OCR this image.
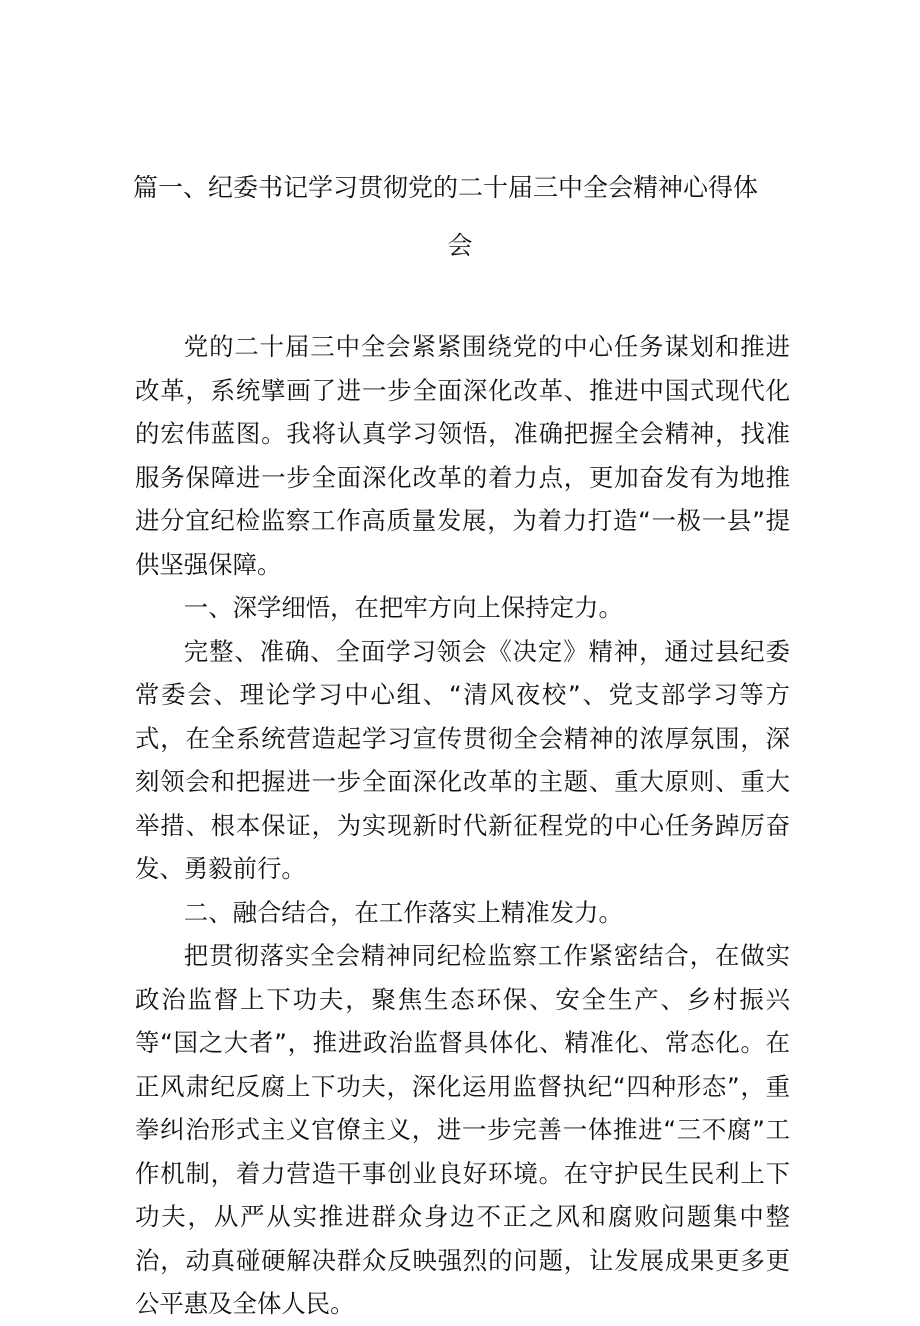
篇一、纪委书记学习贯彻党的二十届三中全会精神心得体
会

党的二十届三中全会紧紧围绕党的中心任务谋划和推进改革，系统擘画了进一步全面深化改革、推进中国式现代化的宏伟蓝图。我将认真学习领悟，准确把握全会精神，找准服务保障进一步全面深化改革的着力点，更加奋发有为地推进分宜纪检监察工作高质量发展，为着力打造“一极一县”提供坚强保障。

一、深学细悟，在把牢方向上保持定力。

完整、准确、全面学习领会《决定》精神，通过县纪委常委会、理论学习中心组、“清风夜校”、党支部学习等方式，在全系统营造起学习宣传贯彻全会精神的浓厚氛围，深刻领会和把握进一步全面深化改革的主题、重大原则、重大举措、根本保证，为实现新时代新征程党的中心任务踔厉奋发、勇毅前行。

二、融合结合，在工作落实上精准发力。

把贯彻落实全会精神同纪检监察工作紧密结合，在做实政治监督上下功夫，聚焦生态环保、安全生产、乡村振兴等“国之大者”，推进政治监督具体化、精准化、常态化。在正风肃纪反腐上下功夫，深化运用监督执纪“四种形态”，重拳纠治形式主义官僚主义，进一步完善一体推进“三不腐”工作机制，着力营造干事创业良好环境。在守护民生民利上下功夫，从严从实推进群众身边不正之风和腐败问题集中整治，动真碰硬解决群众反映强烈的问题，让发展成果更多更公平惠及全体人民。
